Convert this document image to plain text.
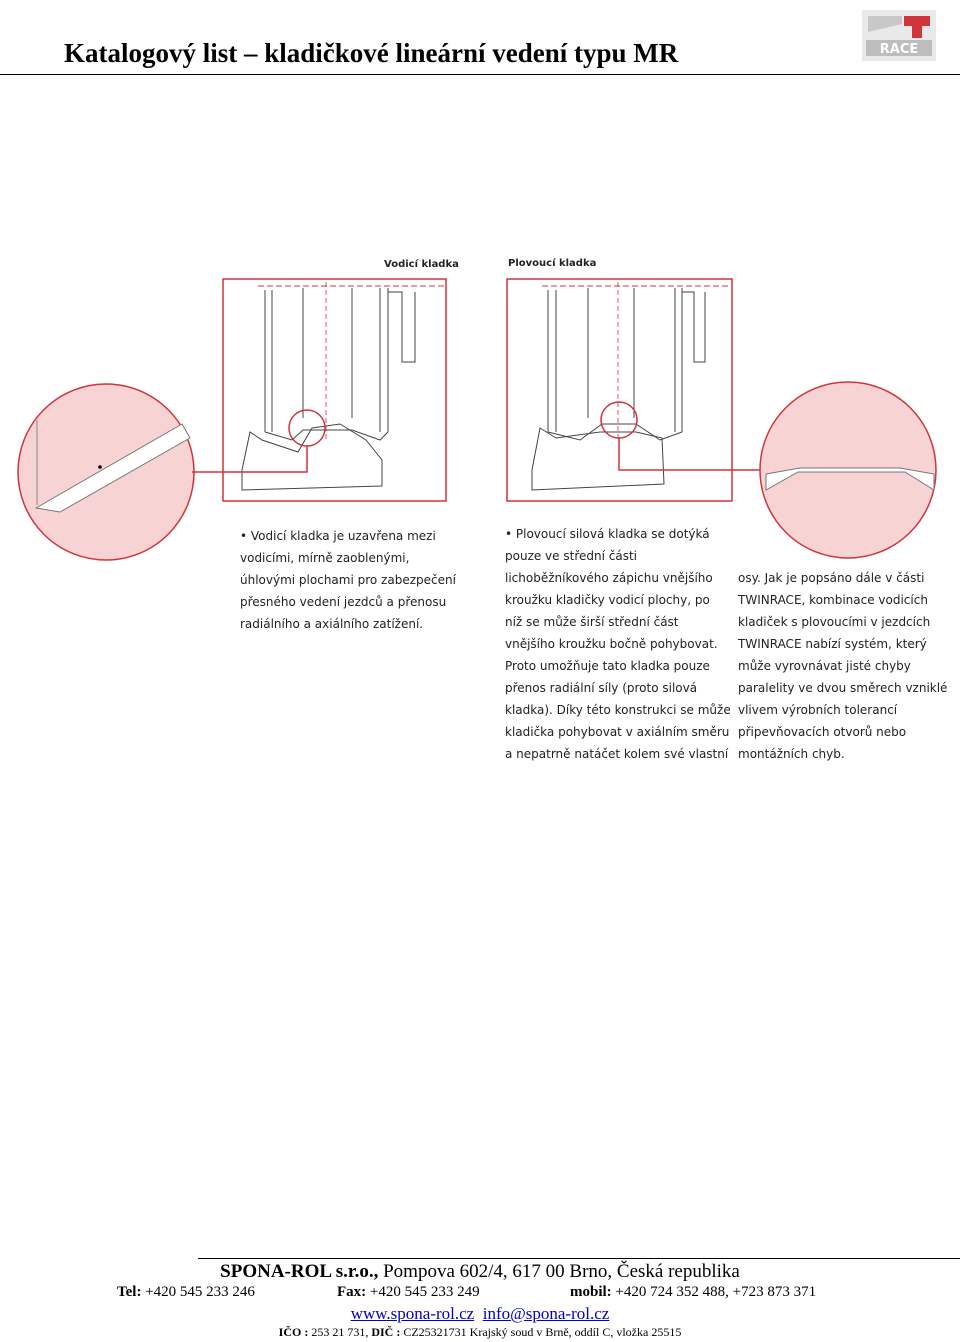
Katalogový list – kladičkové lineární vedení typu MR	RACE
Vodicí kladka	Plovoucí kladka
• Vodicí kladka je uzavřena mezi
vodicími, mírně zaoblenými,
úhlovými plochami pro zabezpečení
přesného vedení jezdců a přenosu
radiálního a axiálního zatížení.
• Plovoucí silová kladka se dotýká
pouze ve střední části
lichoběžníkového zápichu vnějšího
kroužku kladičky vodicí plochy, po
níž se může širší střední část
vnějšího kroužku bočně pohybovat.
Proto umožňuje tato kladka pouze
přenos radiální síly (proto silová
kladka). Díky této konstrukci se může
kladička pohybovat v axiálním směru
a nepatrně natáčet kolem své vlastní
osy. Jak je popsáno dále v části
TWINRACE, kombinace vodicích
kladiček s plovoucími v jezdcích
TWINRACE nabízí systém, který
může vyrovnávat jisté chyby
paralelity ve dvou směrech vzniklé
vlivem výrobních tolerancí
připevňovacích otvorů nebo
montážních chyb.
SPONA-ROL s.r.o., Pompova 602/4, 617 00 Brno, Česká republika
Tel: +420 545 233 246	Fax: +420 545 233 249	mobil: +420 724 352 488, +723 873 371
www.spona-rol.cz info@spona-rol.cz
IČO : 253 21 731, DIČ : CZ25321731 Krajský soud v Brně, oddíl C, vložka 25515
